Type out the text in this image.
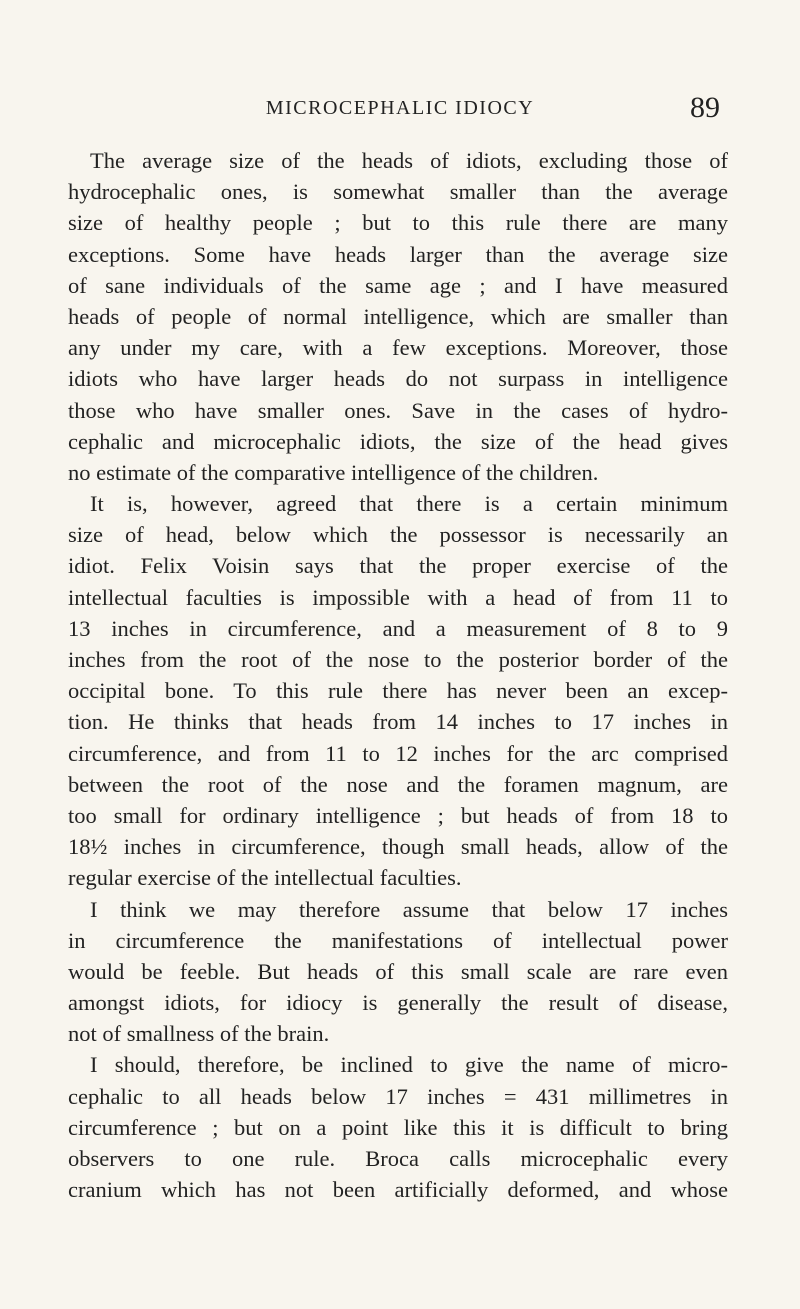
MICROCEPHALIC IDIOCY	89
The average size of the heads of idiots, excluding those of
hydrocephalic ones, is somewhat smaller than the average
size of healthy people ; but to this rule there are many
exceptions. Some have heads larger than the average size
of sane individuals of the same age ; and I have measured
heads of people of normal intelligence, which are smaller than
any under my care, with a few exceptions. Moreover, those
idiots who have larger heads do not surpass in intelligence
those who have smaller ones. Save in the cases of hydro-
cephalic and microcephalic idiots, the size of the head gives
no estimate of the comparative intelligence of the children.
It is, however, agreed that there is a certain minimum
size of head, below which the possessor is necessarily an
idiot. Felix Voisin says that the proper exercise of the
intellectual faculties is impossible with a head of from 11 to
13 inches in circumference, and a measurement of 8 to 9
inches from the root of the nose to the posterior border of the
occipital bone. To this rule there has never been an excep-
tion. He thinks that heads from 14 inches to 17 inches in
circumference, and from 11 to 12 inches for the arc comprised
between the root of the nose and the foramen magnum, are
too small for ordinary intelligence ; but heads of from 18 to
18½ inches in circumference, though small heads, allow of the
regular exercise of the intellectual faculties.
I think we may therefore assume that below 17 inches
in circumference the manifestations of intellectual power
would be feeble. But heads of this small scale are rare even
amongst idiots, for idiocy is generally the result of disease,
not of smallness of the brain.
I should, therefore, be inclined to give the name of micro-
cephalic to all heads below 17 inches = 431 millimetres in
circumference ; but on a point like this it is difficult to bring
observers to one rule. Broca calls microcephalic every
cranium which has not been artificially deformed, and whose
